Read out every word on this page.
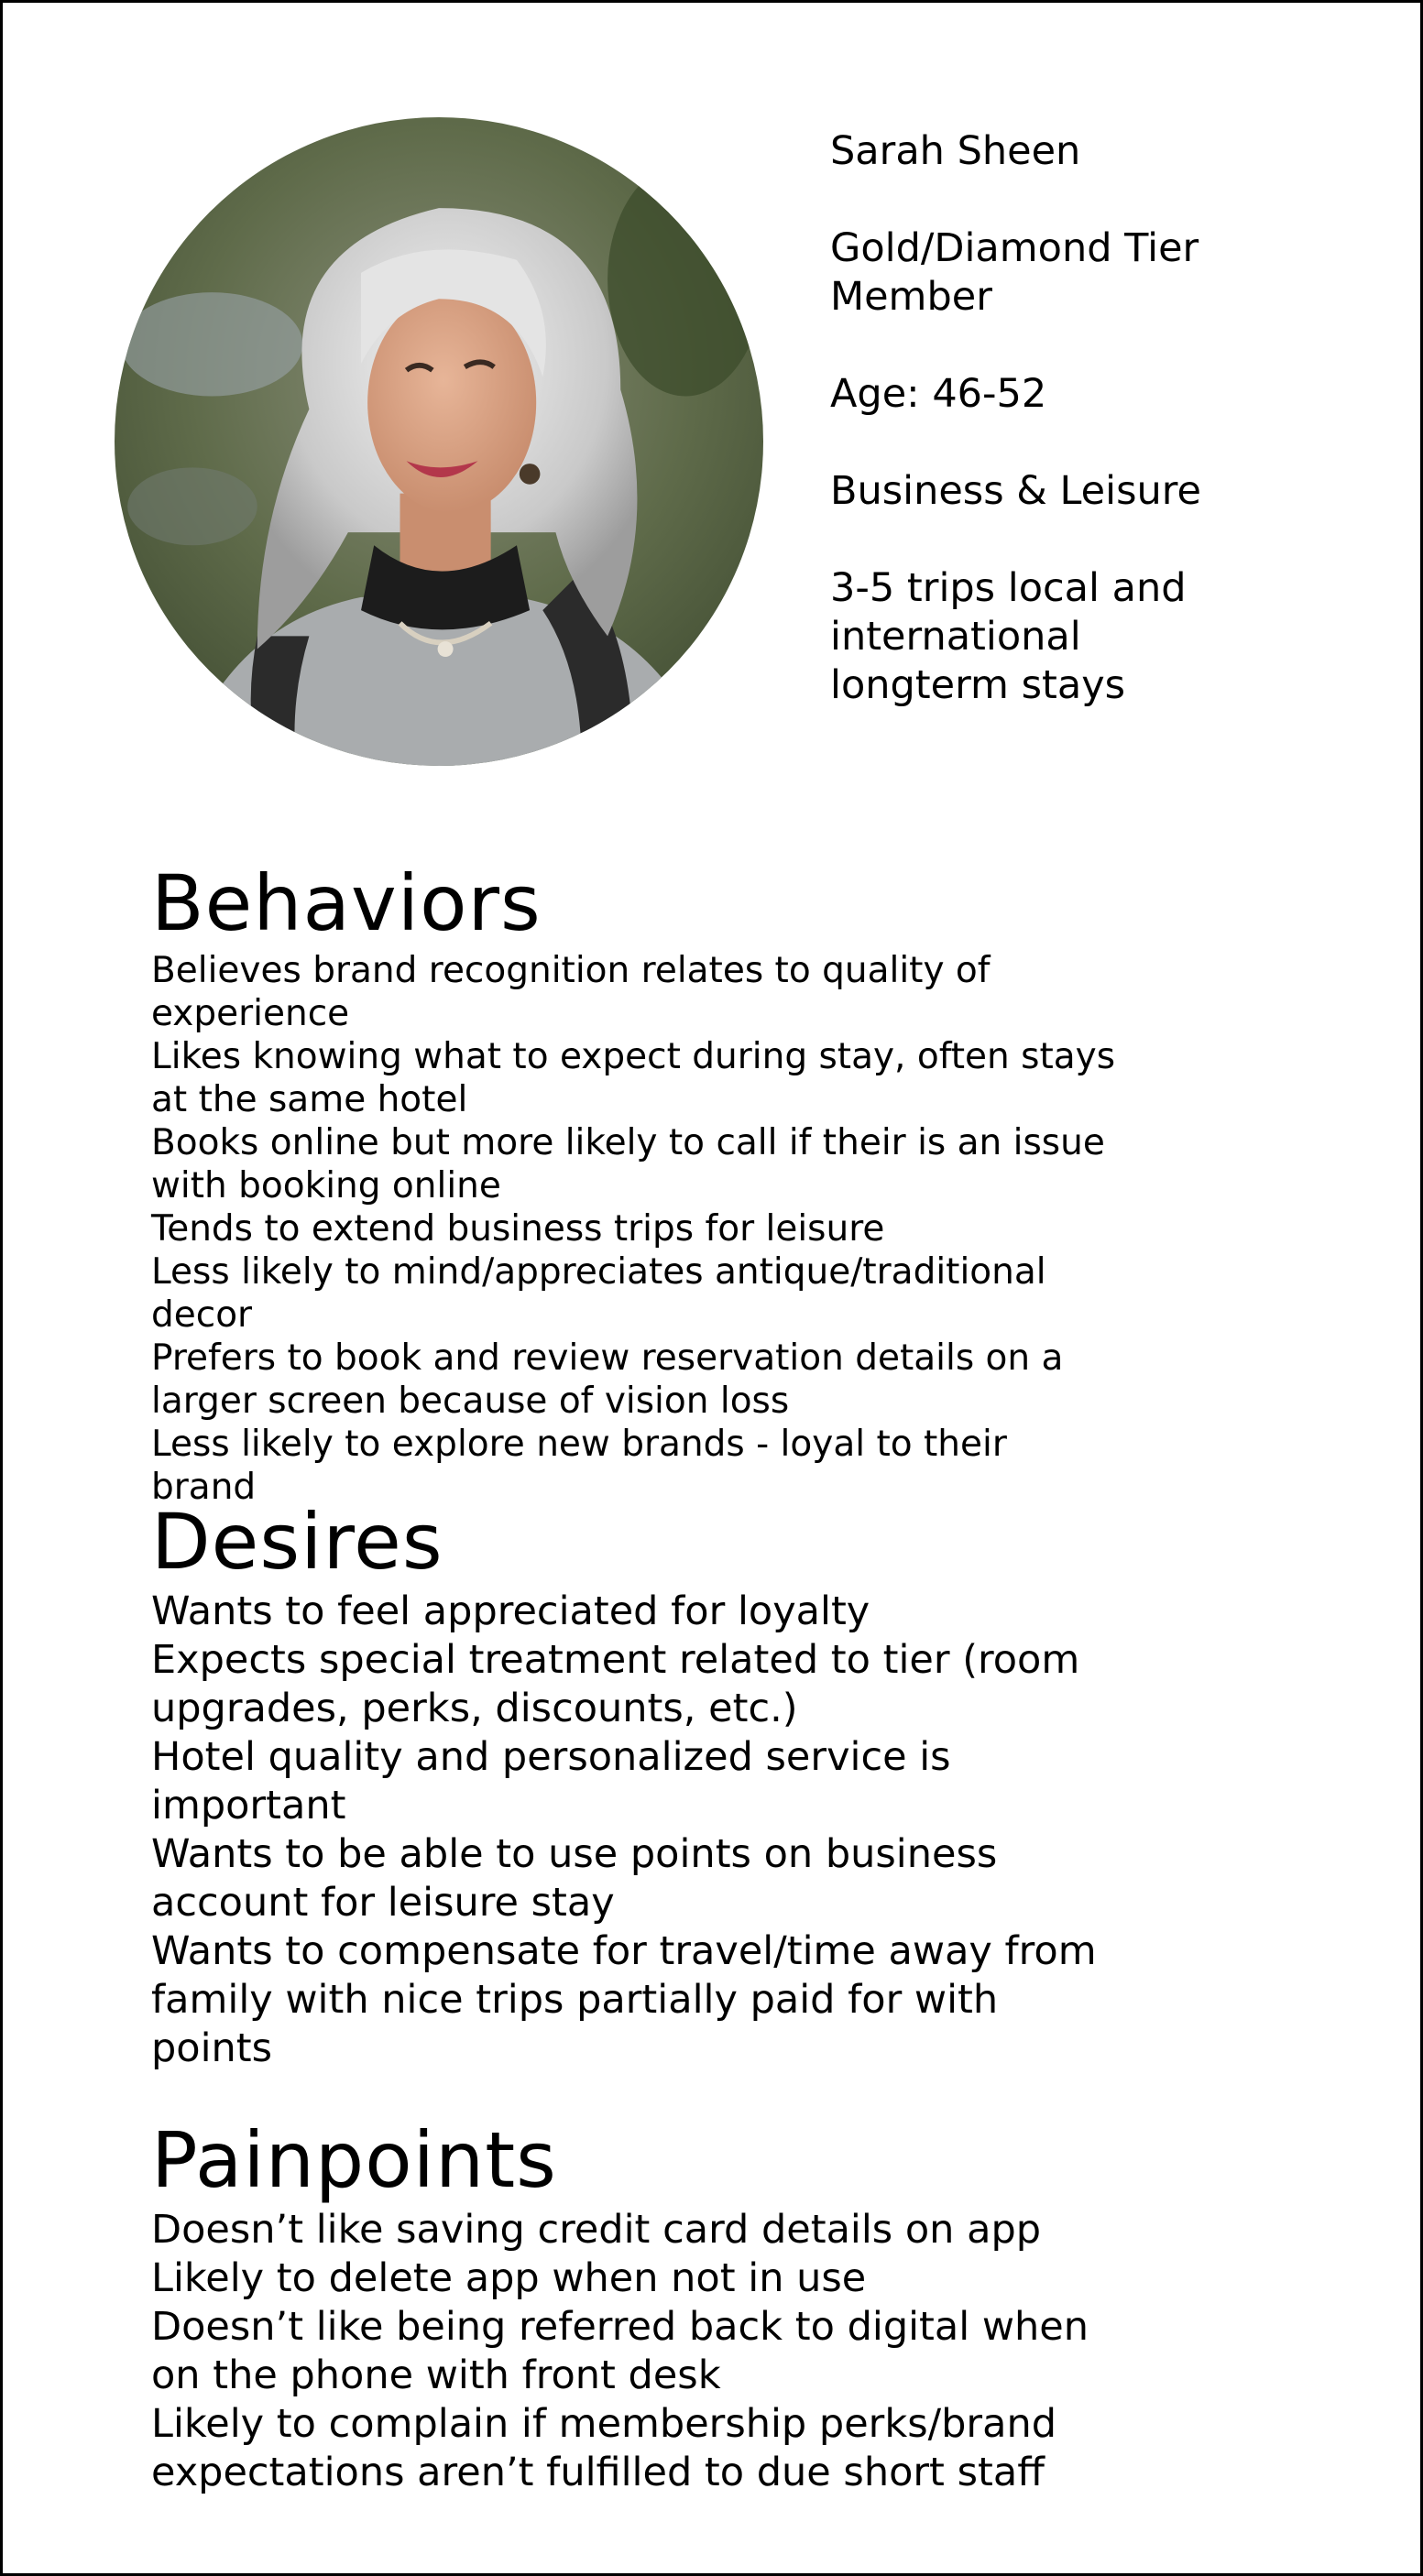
Sarah Sheen
Gold/Diamond Tier
Member
Age: 46-52
Business & Leisure
3-5 trips local and
international
longterm stays
Behaviors
Believes brand recognition relates to quality of experience
Likes knowing what to expect during stay, often stays at the same hotel
Books online but more likely to call if their is an issue with booking online
Tends to extend business trips for leisure
Less likely to mind/appreciates antique/traditional decor
Prefers to book and review reservation details on a larger screen because of vision loss
Less likely to explore new brands - loyal to their brand
Desires
Wants to feel appreciated for loyalty
Expects special treatment related to tier (room upgrades, perks, discounts, etc.)
Hotel quality and personalized service is important
Wants to be able to use points on business account for leisure stay
Wants to compensate for travel/time away from family with nice trips partially paid for with points
Painpoints
Doesn’t like saving credit card details on app
Likely to delete app when not in use
Doesn’t like being referred back to digital when on the phone with front desk
Likely to complain if membership perks/brand expectations aren’t fulfilled to due short staff
